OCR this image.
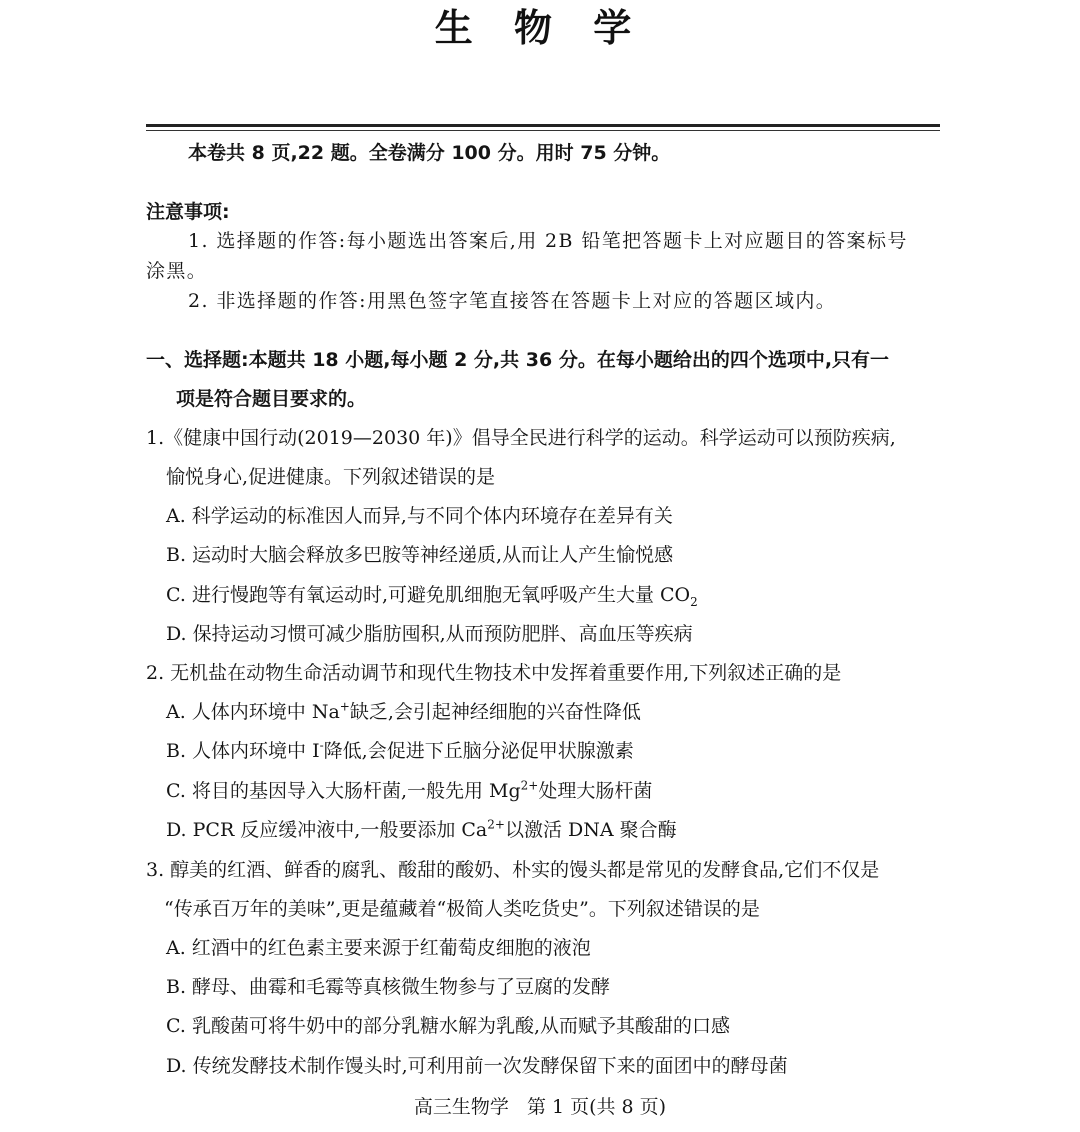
生 物 学
本卷共 8 页,22 题。全卷满分 100 分。用时 75 分钟。
注意事项:
1. 选择题的作答:每小题选出答案后,用 2B 铅笔把答题卡上对应题目的答案标号
涂黑。
2. 非选择题的作答:用黑色签字笔直接答在答题卡上对应的答题区域内。
一、选择题:本题共 18 小题,每小题 2 分,共 36 分。在每小题给出的四个选项中,只有一
项是符合题目要求的。
1.《健康中国行动(2019—2030 年)》倡导全民进行科学的运动。科学运动可以预防疾病,
愉悦身心,促进健康。下列叙述错误的是
A. 科学运动的标准因人而异,与不同个体内环境存在差异有关
B. 运动时大脑会释放多巴胺等神经递质,从而让人产生愉悦感
C. 进行慢跑等有氧运动时,可避免肌细胞无氧呼吸产生大量 $CO_2$
D. 保持运动习惯可减少脂肪囤积,从而预防肥胖、高血压等疾病
2. 无机盐在动物生命活动调节和现代生物技术中发挥着重要作用,下列叙述正确的是
A. 人体内环境中 Na+缺乏,会引起神经细胞的兴奋性降低
B. 人体内环境中 I-降低,会促进下丘脑分泌促甲状腺激素
C. 将目的基因导入大肠杆菌,一般先用 $Mg^{2+}$处理大肠杆菌
D. PCR 反应缓冲液中,一般要添加 $Ca^{2+}$以激活 DNA 聚合酶
3. 醇美的红酒、鲜香的腐乳、酸甜的酸奶、朴实的馒头都是常见的发酵食品,它们不仅是
“传承百万年的美味”,更是蕴藏着“极简人类吃货史”。下列叙述错误的是
A. 红酒中的红色素主要来源于红葡萄皮细胞的液泡
B. 酵母、曲霉和毛霉等真核微生物参与了豆腐的发酵
C. 乳酸菌可将牛奶中的部分乳糖水解为乳酸,从而赋予其酸甜的口感
D. 传统发酵技术制作馒头时,可利用前一次发酵保留下来的面团中的酵母菌
高三生物学 第 1 页(共 8 页)
